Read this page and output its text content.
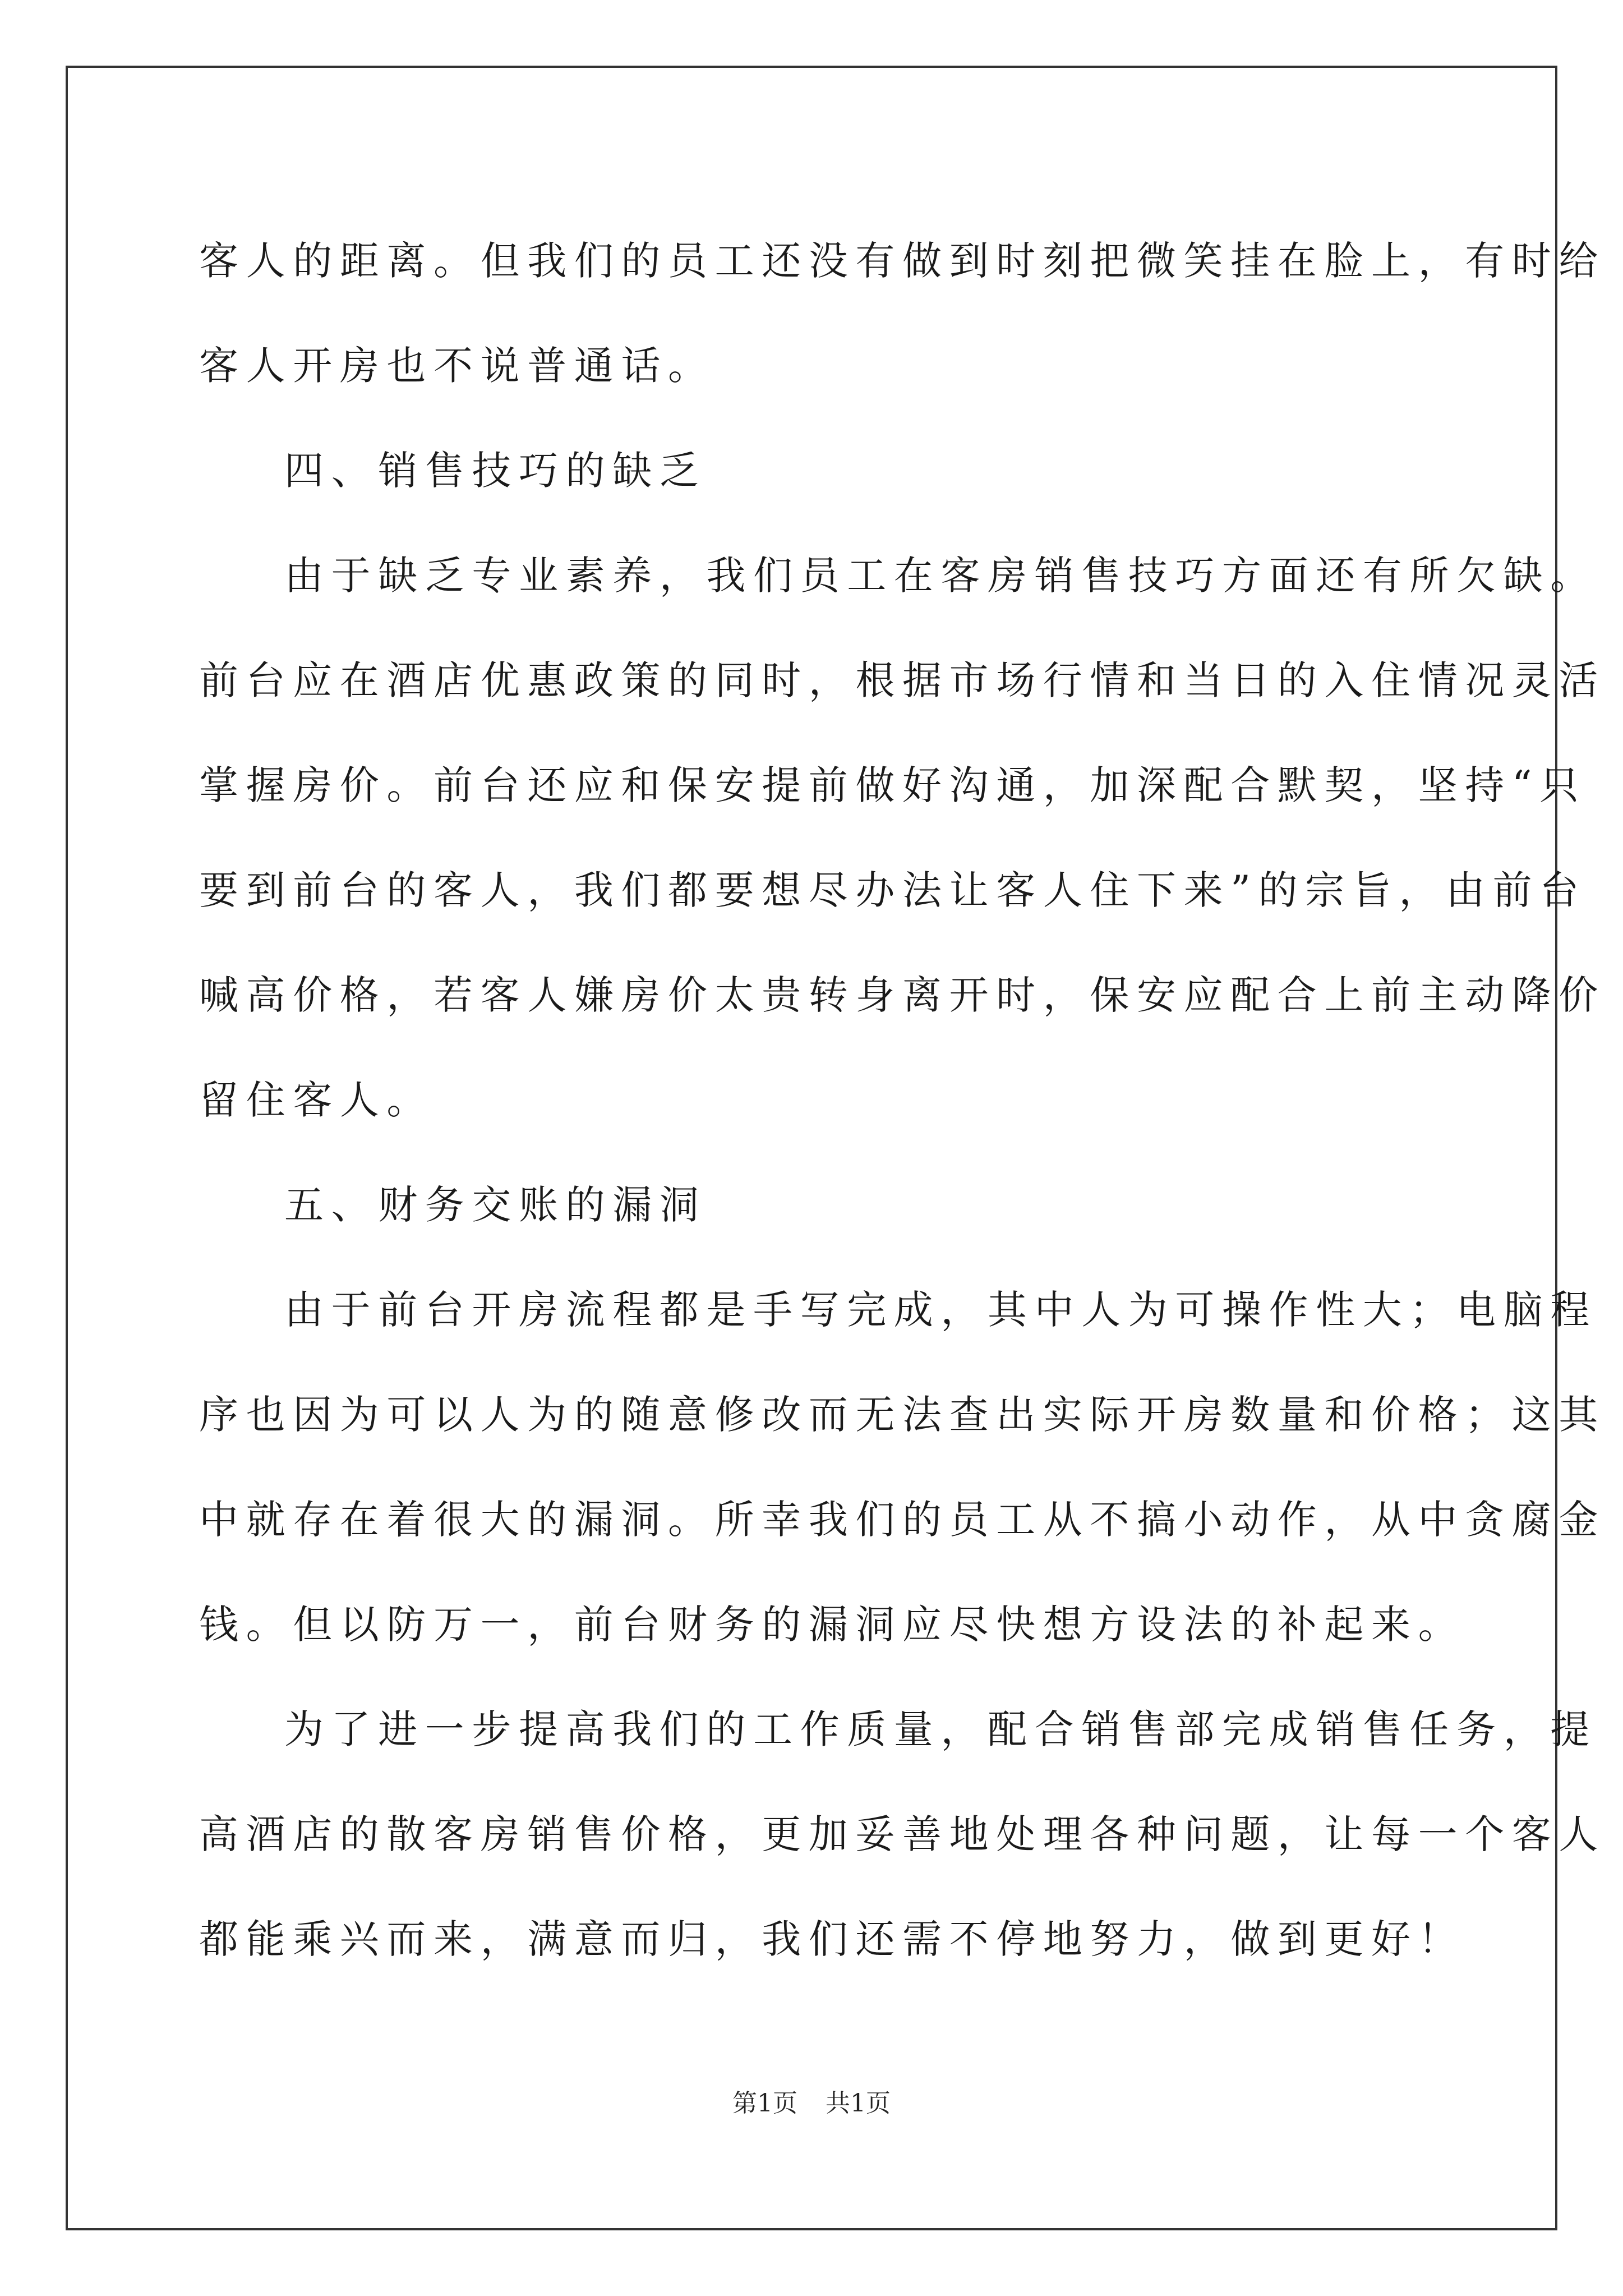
客人的距离。但我们的员工还没有做到时刻把微笑挂在脸上，有时给

客人开房也不说普通话。

四、销售技巧的缺乏

由于缺乏专业素养，我们员工在客房销售技巧方面还有所欠缺。

前台应在酒店优惠政策的同时，根据市场行情和当日的入住情况灵活

掌握房价。前台还应和保安提前做好沟通，加深配合默契，坚持“只

要到前台的客人，我们都要想尽办法让客人住下来”的宗旨，由前台

喊高价格，若客人嫌房价太贵转身离开时，保安应配合上前主动降价

留住客人。

五、财务交账的漏洞

由于前台开房流程都是手写完成，其中人为可操作性大；电脑程

序也因为可以人为的随意修改而无法查出实际开房数量和价格；这其

中就存在着很大的漏洞。所幸我们的员工从不搞小动作，从中贪腐金

钱。但以防万一，前台财务的漏洞应尽快想方设法的补起来。

为了进一步提高我们的工作质量，配合销售部完成销售任务，提

高酒店的散客房销售价格，更加妥善地处理各种问题，让每一个客人

都能乘兴而来，满意而归，我们还需不停地努力，做到更好！

第1页 共1页
